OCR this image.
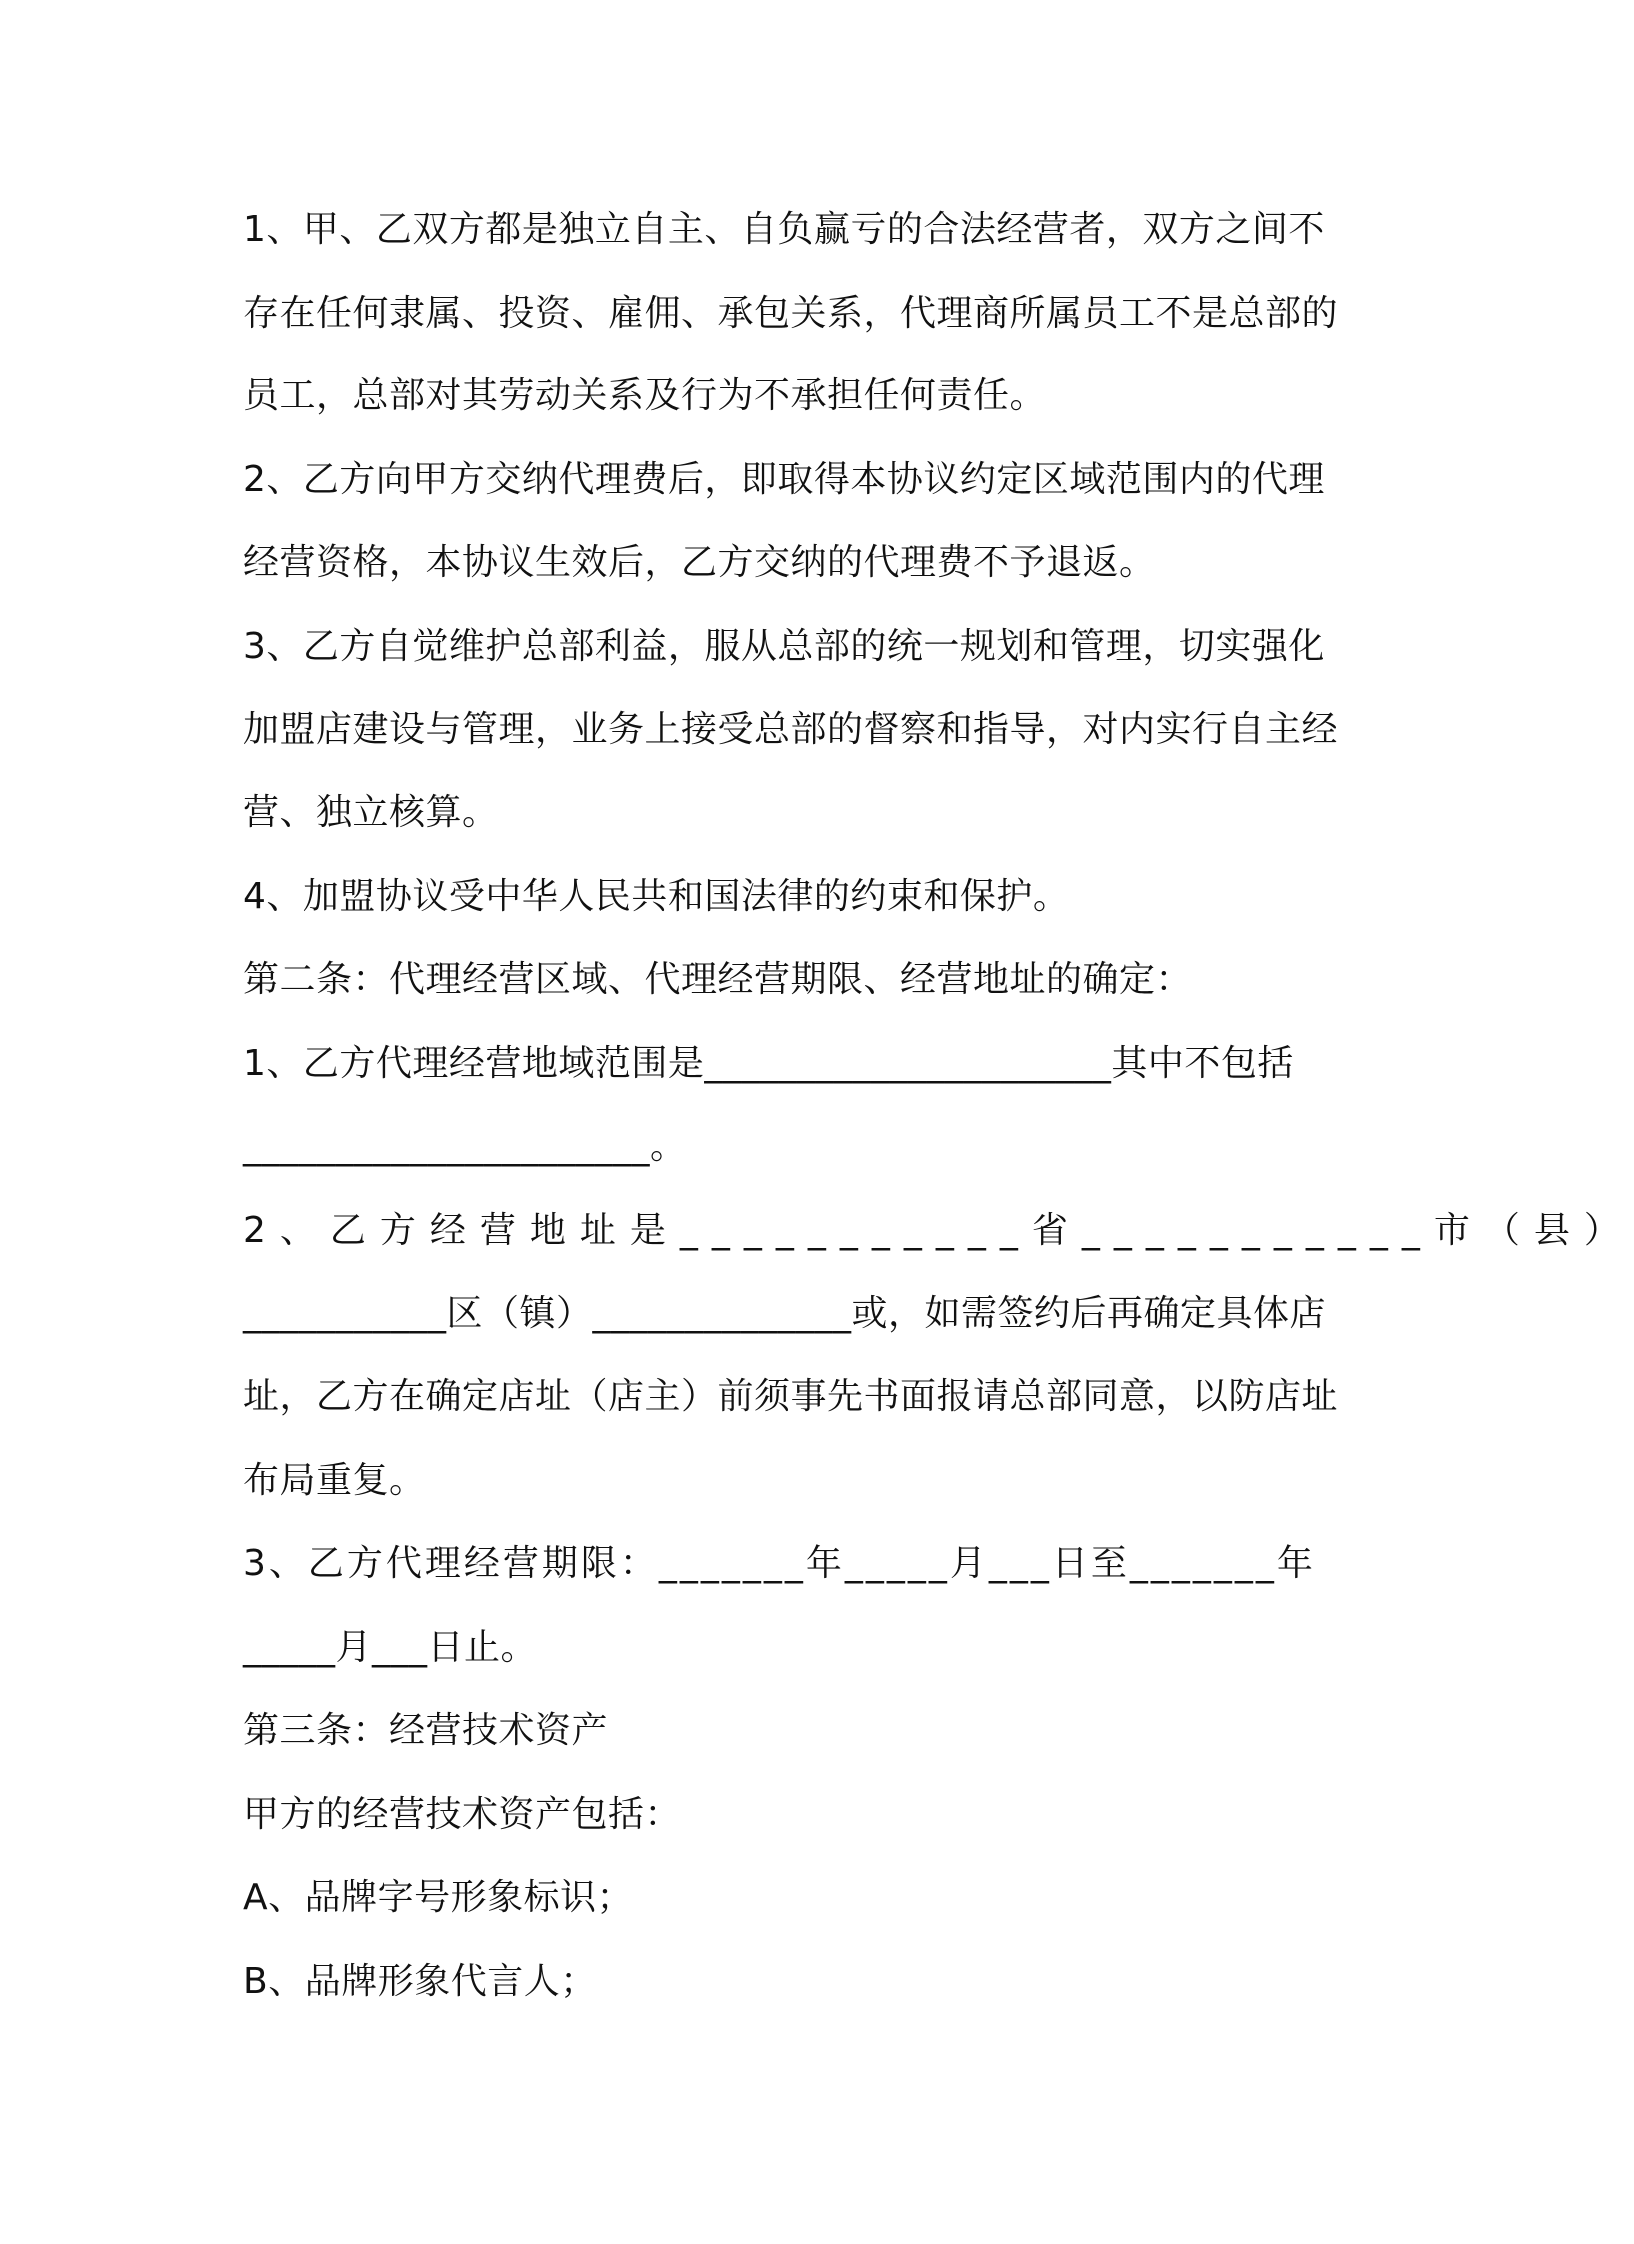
1、甲、乙双方都是独立自主、自负赢亏的合法经营者，双方之间不
存在任何隶属、投资、雇佣、承包关系，代理商所属员工不是总部的
员工，总部对其劳动关系及行为不承担任何责任。
2、乙方向甲方交纳代理费后，即取得本协议约定区域范围内的代理
经营资格，本协议生效后，乙方交纳的代理费不予退返。
3、乙方自觉维护总部利益，服从总部的统一规划和管理，切实强化
加盟店建设与管理，业务上接受总部的督察和指导，对内实行自主经
营、独立核算。
4、加盟协议受中华人民共和国法律的约束和保护。
第二条：代理经营区域、代理经营期限、经营地址的确定：
1、乙方代理经营地域范围是______________________其中不包括
______________________。
2、乙方经营地址是___________省___________市（县）
___________区（镇）______________或，如需签约后再确定具体店
址，乙方在确定店址（店主）前须事先书面报请总部同意，以防店址
布局重复。
3、乙方代理经营期限：_______年_____月___日至_______年
_____月___日止。
第三条：经营技术资产
甲方的经营技术资产包括：
A、品牌字号形象标识；
B、品牌形象代言人；
